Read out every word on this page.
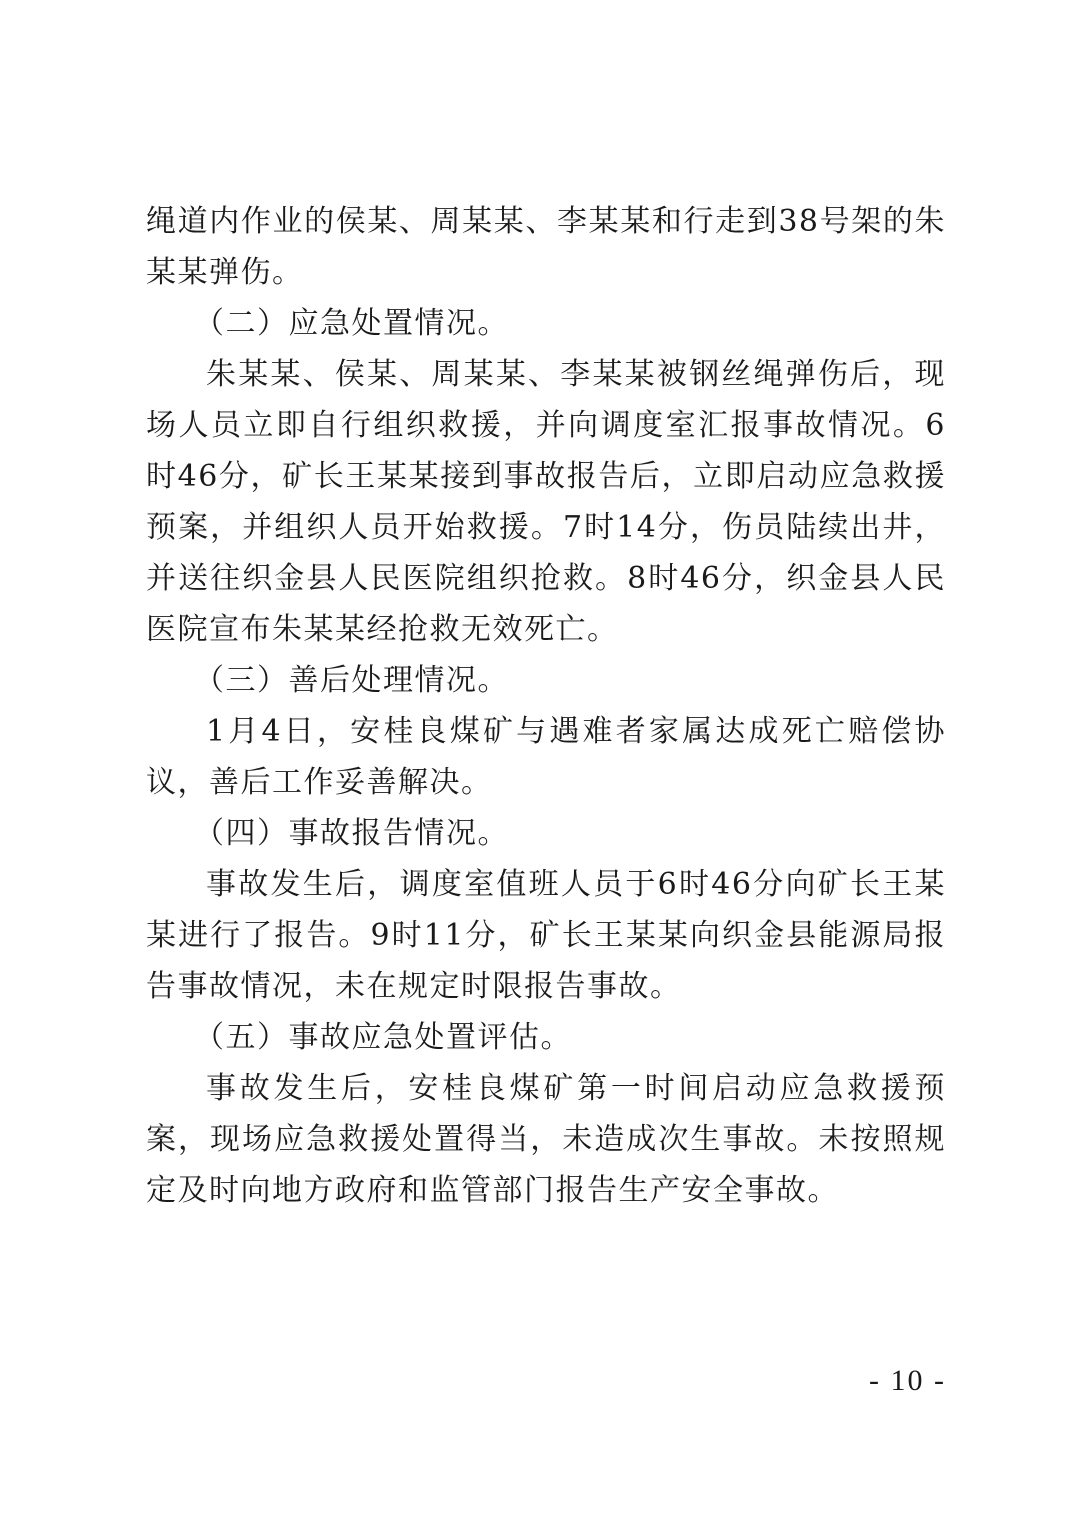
绳道内作业的侯某、周某某、李某某和行走到38号架的朱某某弹伤。

（二）应急处置情况。

朱某某、侯某、周某某、李某某被钢丝绳弹伤后，现场人员立即自行组织救援，并向调度室汇报事故情况。6时46分，矿长王某某接到事故报告后，立即启动应急救援预案，并组织人员开始救援。7时14分，伤员陆续出井，并送往织金县人民医院组织抢救。8时46分，织金县人民医院宣布朱某某经抢救无效死亡。

（三）善后处理情况。

1月4日，安桂良煤矿与遇难者家属达成死亡赔偿协议，善后工作妥善解决。

（四）事故报告情况。

事故发生后，调度室值班人员于6时46分向矿长王某某进行了报告。9时11分，矿长王某某向织金县能源局报告事故情况，未在规定时限报告事故。

（五）事故应急处置评估。

事故发生后，安桂良煤矿第一时间启动应急救援预案，现场应急救援处置得当，未造成次生事故。未按照规定及时向地方政府和监管部门报告生产安全事故。

- 10 -
